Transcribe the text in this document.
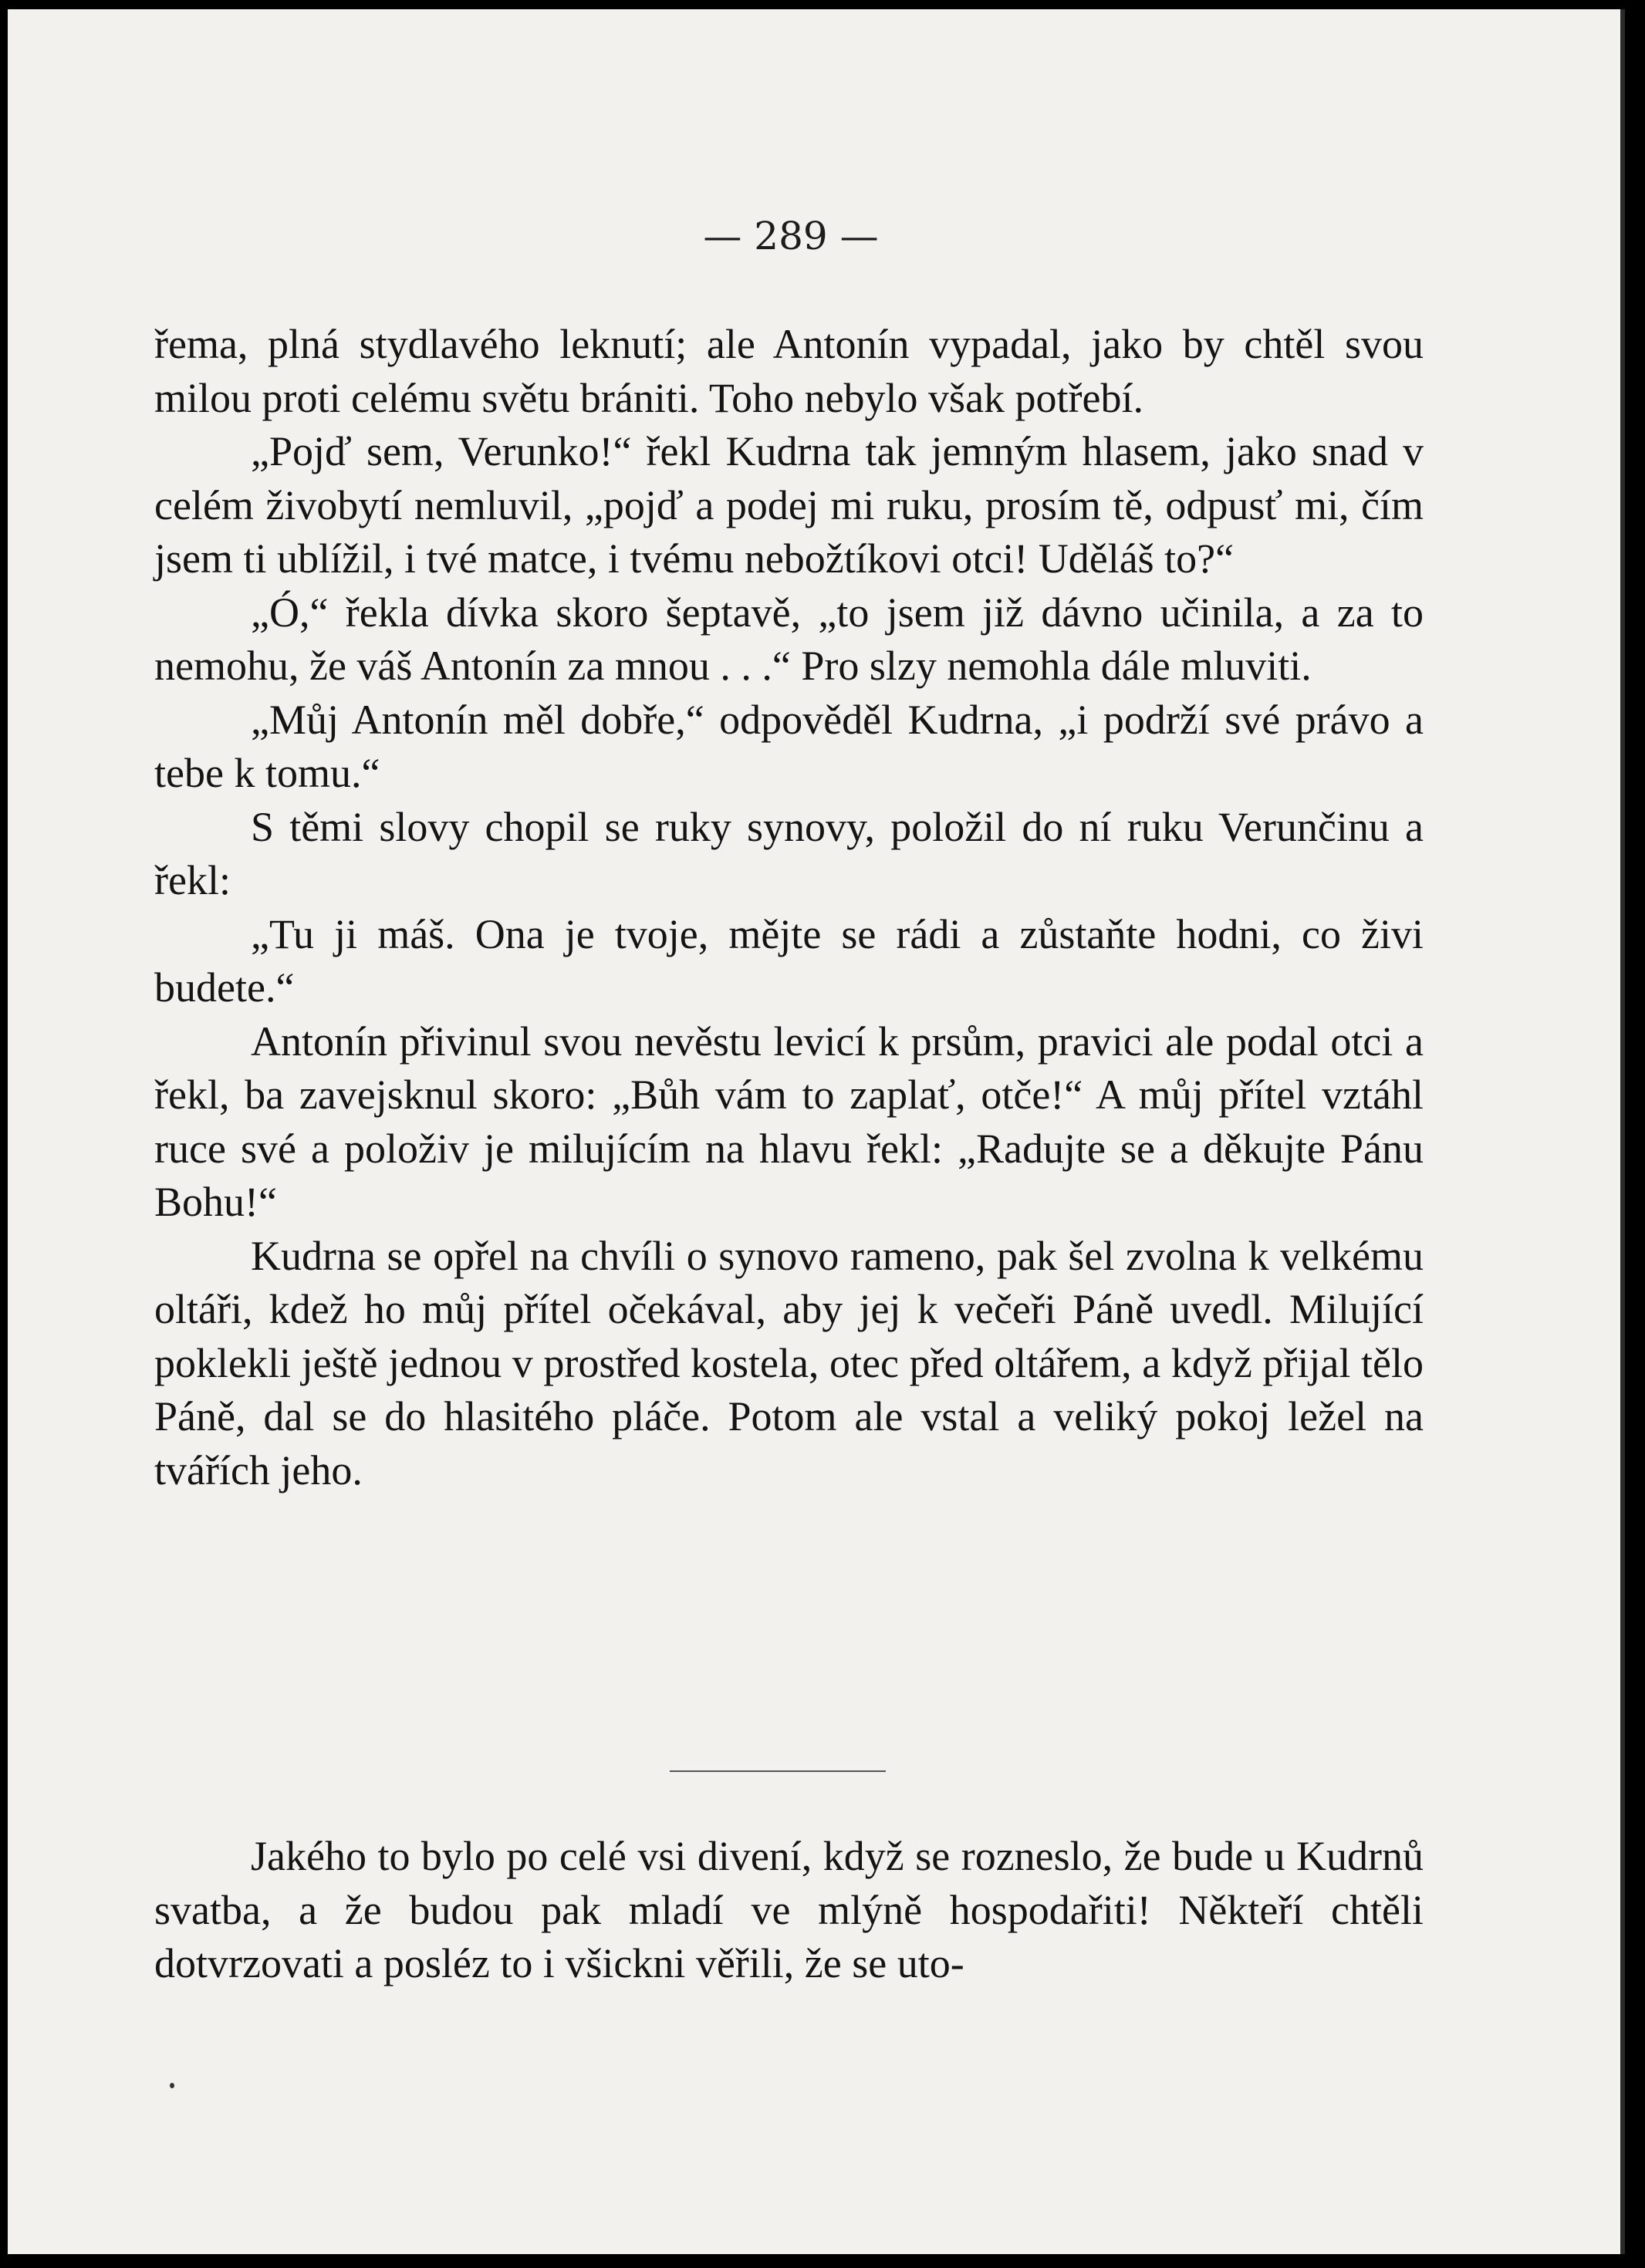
— 289 —

řema, plná stydlavého leknutí; ale Antonín vypadal, jako by chtěl svou milou proti celému světu brániti. Toho nebylo však potřebí.

„Pojď sem, Verunko!“ řekl Kudrna tak jemným hlasem, jako snad v celém živobytí nemluvil, „pojď a podej mi ruku, prosím tě, odpusť mi, čím jsem ti ublížil, i tvé matce, i tvému nebožtíkovi otci! Uděláš to?“

„Ó,“ řekla dívka skoro šeptavě, „to jsem již dávno učinila, a za to nemohu, že váš Antonín za mnou . . .“ Pro slzy nemohla dále mluviti.

„Můj Antonín měl dobře,“ odpověděl Kudrna, „i podrží své právo a tebe k tomu.“

S těmi slovy chopil se ruky synovy, položil do ní ruku Verunčinu a řekl:

„Tu ji máš. Ona je tvoje, mějte se rádi a zůstaňte hodni, co živi budete.“

Antonín přivinul svou nevěstu levicí k prsům, pravici ale podal otci a řekl, ba zavejsknul skoro: „Bůh vám to zaplať, otče!“ A můj přítel vztáhl ruce své a položiv je milujícím na hlavu řekl: „Radujte se a děkujte Pánu Bohu!“

Kudrna se opřel na chvíli o synovo rameno, pak šel zvolna k velkému oltáři, kdež ho můj přítel očekával, aby jej k večeři Páně uvedl. Milující poklekli ještě jednou v prostřed kostela, otec před oltářem, a když přijal tělo Páně, dal se do hlasitého pláče. Potom ale vstal a veliký pokoj ležel na tvářích jeho.

Jakého to bylo po celé vsi divení, když se rozneslo, že bude u Kudrnů svatba, a že budou pak mladí ve mlýně hospodařiti! Někteří chtěli dotvrzovati a posléz to i všickni věřili, že se uto-
